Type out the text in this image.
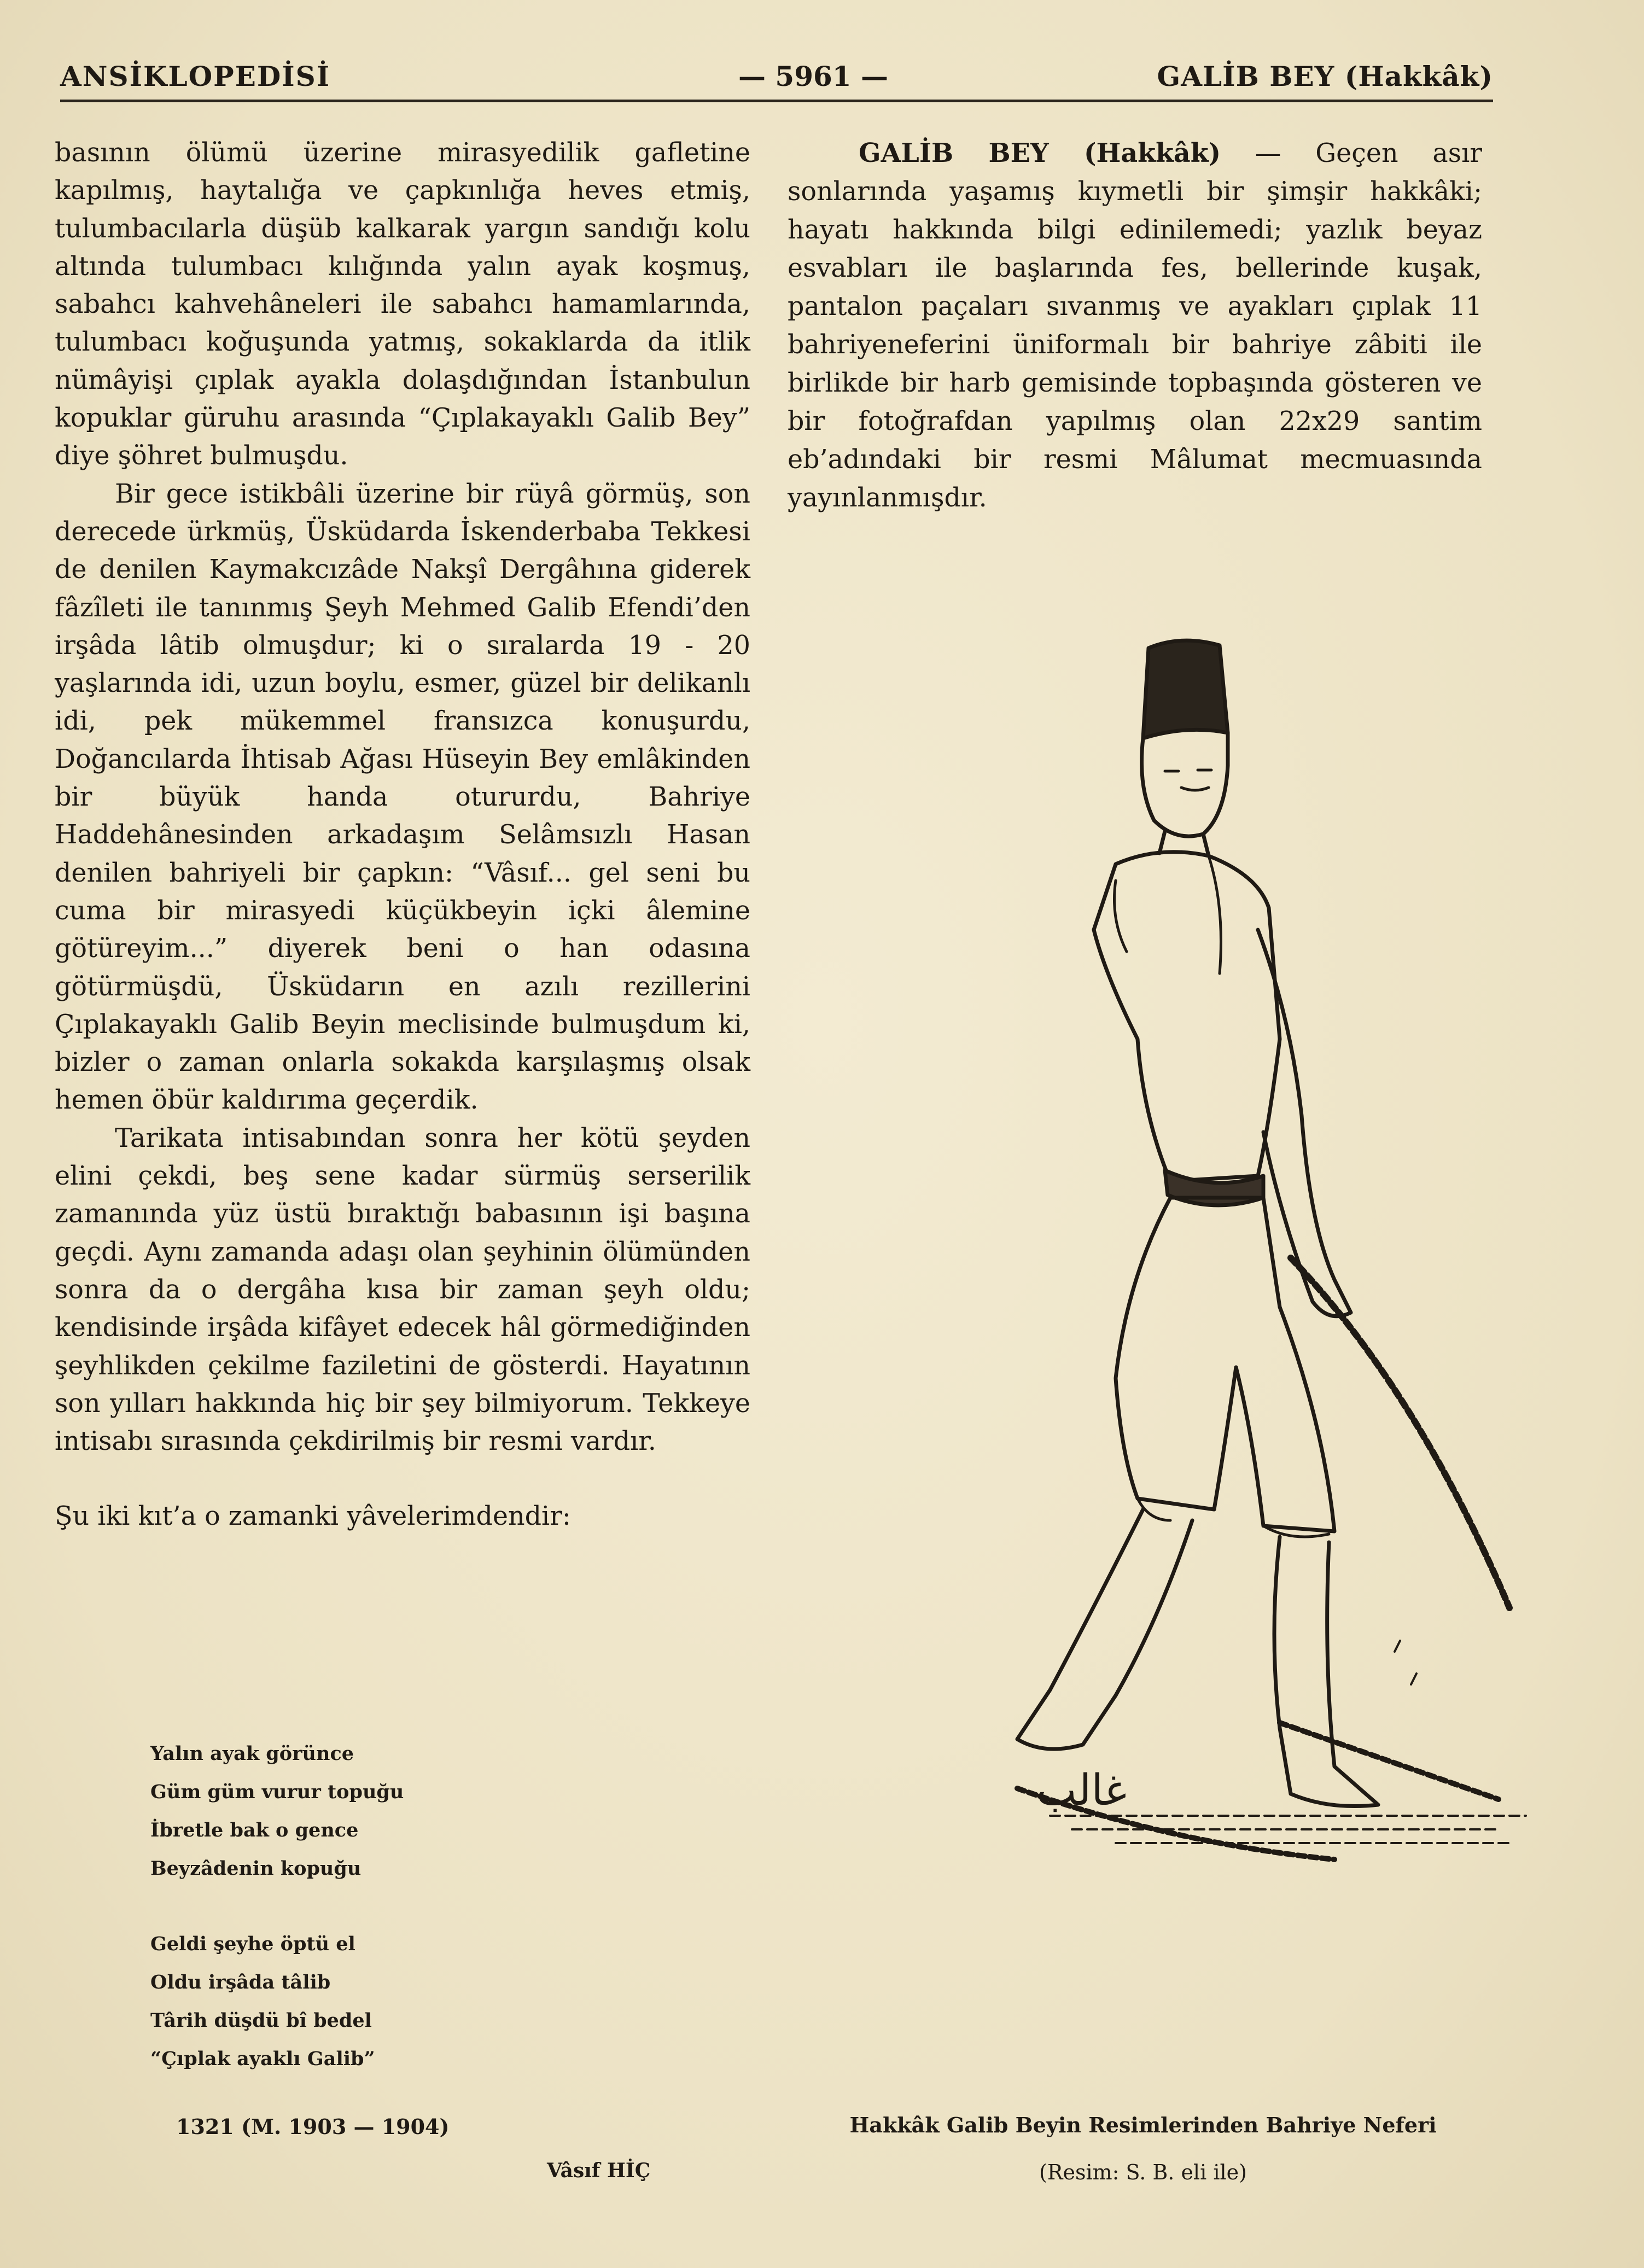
ANSİKLOPEDİSİ	— 5961 —	GALİB BEY (Hakkâk)

basının ölümü üzerine mirasyedilik gafletine kapılmış, haytalığa ve çapkınlığa heves etmiş, tulumbacılarla düşüb kalkarak yargın sandığı kolu altında tulumbacı kılığında yalın ayak koşmuş, sabahcı kahvehâneleri ile sabahcı hamamlarında, tulumbacı koğuşunda yatmış, sokaklarda da itlik nümâyişi çıplak ayakla dolaşdığından İstanbulun kopuklar güruhu arasında “Çıplakayaklı Galib Bey” diye şöhret bulmuşdu.

Bir gece istikbâli üzerine bir rüyâ görmüş, son derecede ürkmüş, Üsküdarda İskenderbaba Tekkesi de denilen Kaymakcızâde Nakşî Dergâhına giderek fâzîleti ile tanınmış Şeyh Mehmed Galib Efendi’den irşâda lâtib olmuşdur; ki o sıralarda 19 - 20 yaşlarında idi, uzun boylu, esmer, güzel bir delikanlı idi, pek mükemmel fransızca konuşurdu, Doğancılarda İhtisab Ağası Hüseyin Bey emlâkinden bir büyük handa otururdu, Bahriye Haddehânesinden arkadaşım Selâmsızlı Hasan denilen bahriyeli bir çapkın: “Vâsıf... gel seni bu cuma bir mirasyedi küçükbeyin içki âlemine götüreyim...” diyerek beni o han odasına götürmüşdü, Üsküdarın en azılı rezillerini Çıplakayaklı Galib Beyin meclisinde bulmuşdum ki, bizler o zaman onlarla sokakda karşılaşmış olsak hemen öbür kaldırıma geçerdik.

Tarikata intisabından sonra her kötü şeyden elini çekdi, beş sene kadar sürmüş serserilik zamanında yüz üstü bıraktığı babasının işi başına geçdi. Aynı zamanda adaşı olan şeyhinin ölümünden sonra da o dergâha kısa bir zaman şeyh oldu; kendisinde irşâda kifâyet edecek hâl görmediğinden şeyhlikden çekilme faziletini de gösterdi. Hayatının son yılları hakkında hiç bir şey bilmiyorum. Tekkeye intisabı sırasında çekdirilmiş bir resmi vardır.

Şu iki kıt’a o zamanki yâvelerimdendir:

Yalın ayak görünce
Güm güm vurur topuğu
İbretle bak o gence
Beyzâdenin kopuğu
Geldi şeyhe öptü el
Oldu irşâda tâlib
Târih düşdü bî bedel
“Çıplak ayaklı Galib”
1321 (M. 1903 — 1904)
Vâsıf HİÇ

GALİB BEY (Hakkâk) — Geçen asır sonlarında yaşamış kıymetli bir şimşir hakkâki; hayatı hakkında bilgi edinilemedi; yazlık beyaz esvabları ile başlarında fes, bellerinde kuşak, pantalon paçaları sıvanmış ve ayakları çıplak 11 bahriyeneferini üniformalı bir bahriye zâbiti ile birlikde bir harb gemisinde topbaşında gösteren ve bir fotoğrafdan yapılmış olan 22x29 santim eb’adındaki bir resmi Mâlumat mecmuasında yayınlanmışdır.

غالب
Hakkâk Galib Beyin Resimlerinden Bahriye Neferi
(Resim: S. B. eli ile)
